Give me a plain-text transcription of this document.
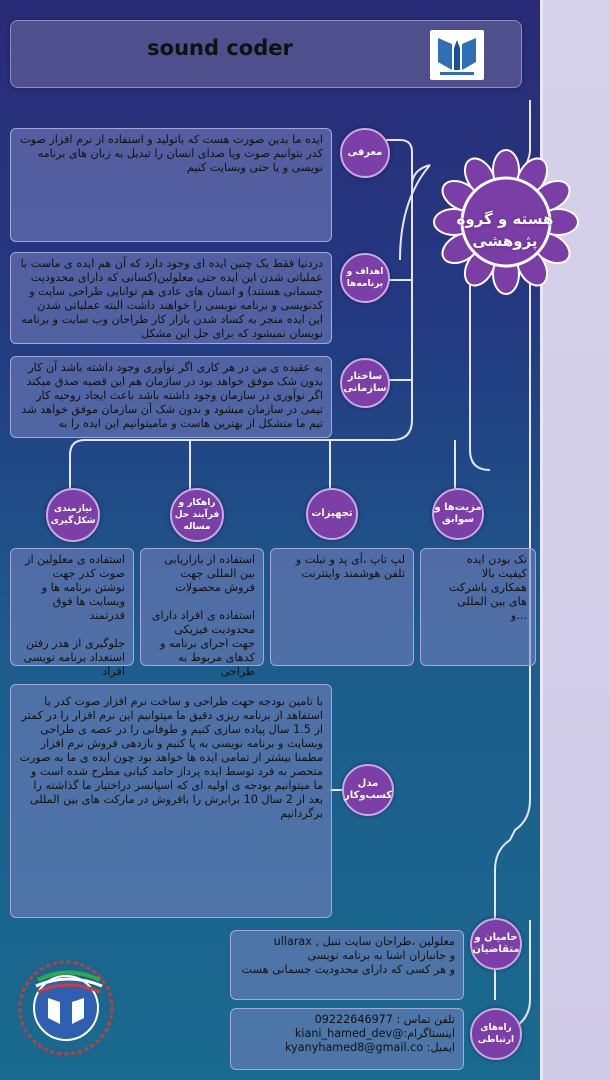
sound coder
هسته و گروه پژوهشی

ایده ما بدین صورت هست که باتولید و استفاده از نرم افزار صوت کدر بتوانیم صوت ویا صدای انسان را تبدیل به زبان های برنامه نویسی و یا حتی وبسایت کنیم

معرفی

دردنیا فقط یک چنین ایده ای وجود دارد که آن هم ایده ی ماست با عملیاتی شدن این ایده حتی معلولین(کسانی که دارای محدودیت جسمانی هستند) و انسان های عادی هم توانایی طراحی سایت و کدنویسی و برنامه نویسی را خواهند داشت البته عملیاتی شدن این ایده منجر به کساد شدن بازار کار طراحان وب سایت و برنامه نویسان نمیشود که برای حل این مشکل

اهداف و برنامه‌ها

به عقیده ی من در هر کاری اگر نوآوری وجود داشته باشد آن کار بدون شک موفق خواهد بود در سازمان هم این قضیه صدق میکند اگر نوآوری در سازمان وجود داشته باشد باعث ایجاد روحیه کار تیمی در سازمان میشود و بدون شک آن سازمان موفق خواهد شد تیم ما متشکل از بهترین هاست و مامیتوانیم این ایده را به

ساختار سازمانی
مزیت‌ها و سوابق
تجهیزات
راهکار و فرآیند حل مساله
نیازمندی شکل‌گیری

تک بودن ایده
کیفیت بالا
همکاری باشرکت های بین المللی
...و

لپ تاپ ،آی پد و تبلت و تلفن هوشمند واینترنت

استفاده از بازاریابی بین المللی جهت فروش محصولات

استفاده ی افراد دارای محدودیت فیزیکی جهت اجرای برنامه و کدهای مربوط به طراحی

استفاده ی معلولین از صوت کدر جهت نوشتن برنامه ها و وبسایت ها فوق قدرتمند

جلوگیری از هدر رفتن استعداد برنامه نویسی افراد

با تامین بودجه جهت طراحی و ساخت نرم افزار صوت کدر یا استفاهد از برنامه ریزی دقیق ما میتوانیم این نرم افزار را در کمتر از 1.5 سال پیاده سازی کنیم و طوفانی را در عصه ی طراحی وبسایت و برنامه نویسی به پا کنیم و بازدهی فروش نرم افزار مطمنا بیشتر از تمامی ایده ها خواهد بود چون ایده ی ما به صورت متحصر به فرد توسط ایده پرداز حامد کیانی مطرح شده است و ما میتوانیم بودجه ی اولیه ای که اسپانسر دراختیار ما گذاشته را بعد از 2 سال 10 برابرش را بافروش در مارکت های بین المللی برگردانیم

مدل کسب‌وکار

معلولین ،طراحان سایت تنبل , ullarax
و جانبازان اشنا به برنامه نویسی
و هر کسی که دارای محدودیت جسمانی هست

حامیان و متقاضیان

تلفن تماس : 09222646977

اینستاگرام:@kiani_hamed_dev

ایمیل: kyanyhamed8@gmail.co

راه‌های ارتباطی
